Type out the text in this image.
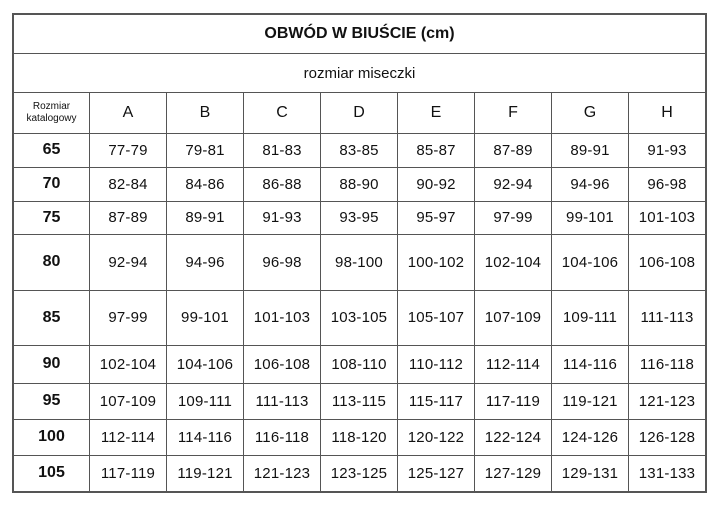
OBWÓD W BIUŚCIE (cm)								
rozmiar miseczki								
Rozmiar katalogowy	A	B	C	D	E	F	G	H
65	77-79	79-81	81-83	83-85	85-87	87-89	89-91	91-93
70	82-84	84-86	86-88	88-90	90-92	92-94	94-96	96-98
75	87-89	89-91	91-93	93-95	95-97	97-99	99-101	101-103
80	92-94	94-96	96-98	98-100	100-102	102-104	104-106	106-108
85	97-99	99-101	101-103	103-105	105-107	107-109	109-111	111-113
90	102-104	104-106	106-108	108-110	110-112	112-114	114-116	116-118
95	107-109	109-111	111-113	113-115	115-117	117-119	119-121	121-123
100	112-114	114-116	116-118	118-120	120-122	122-124	124-126	126-128
105	117-119	119-121	121-123	123-125	125-127	127-129	129-131	131-133
